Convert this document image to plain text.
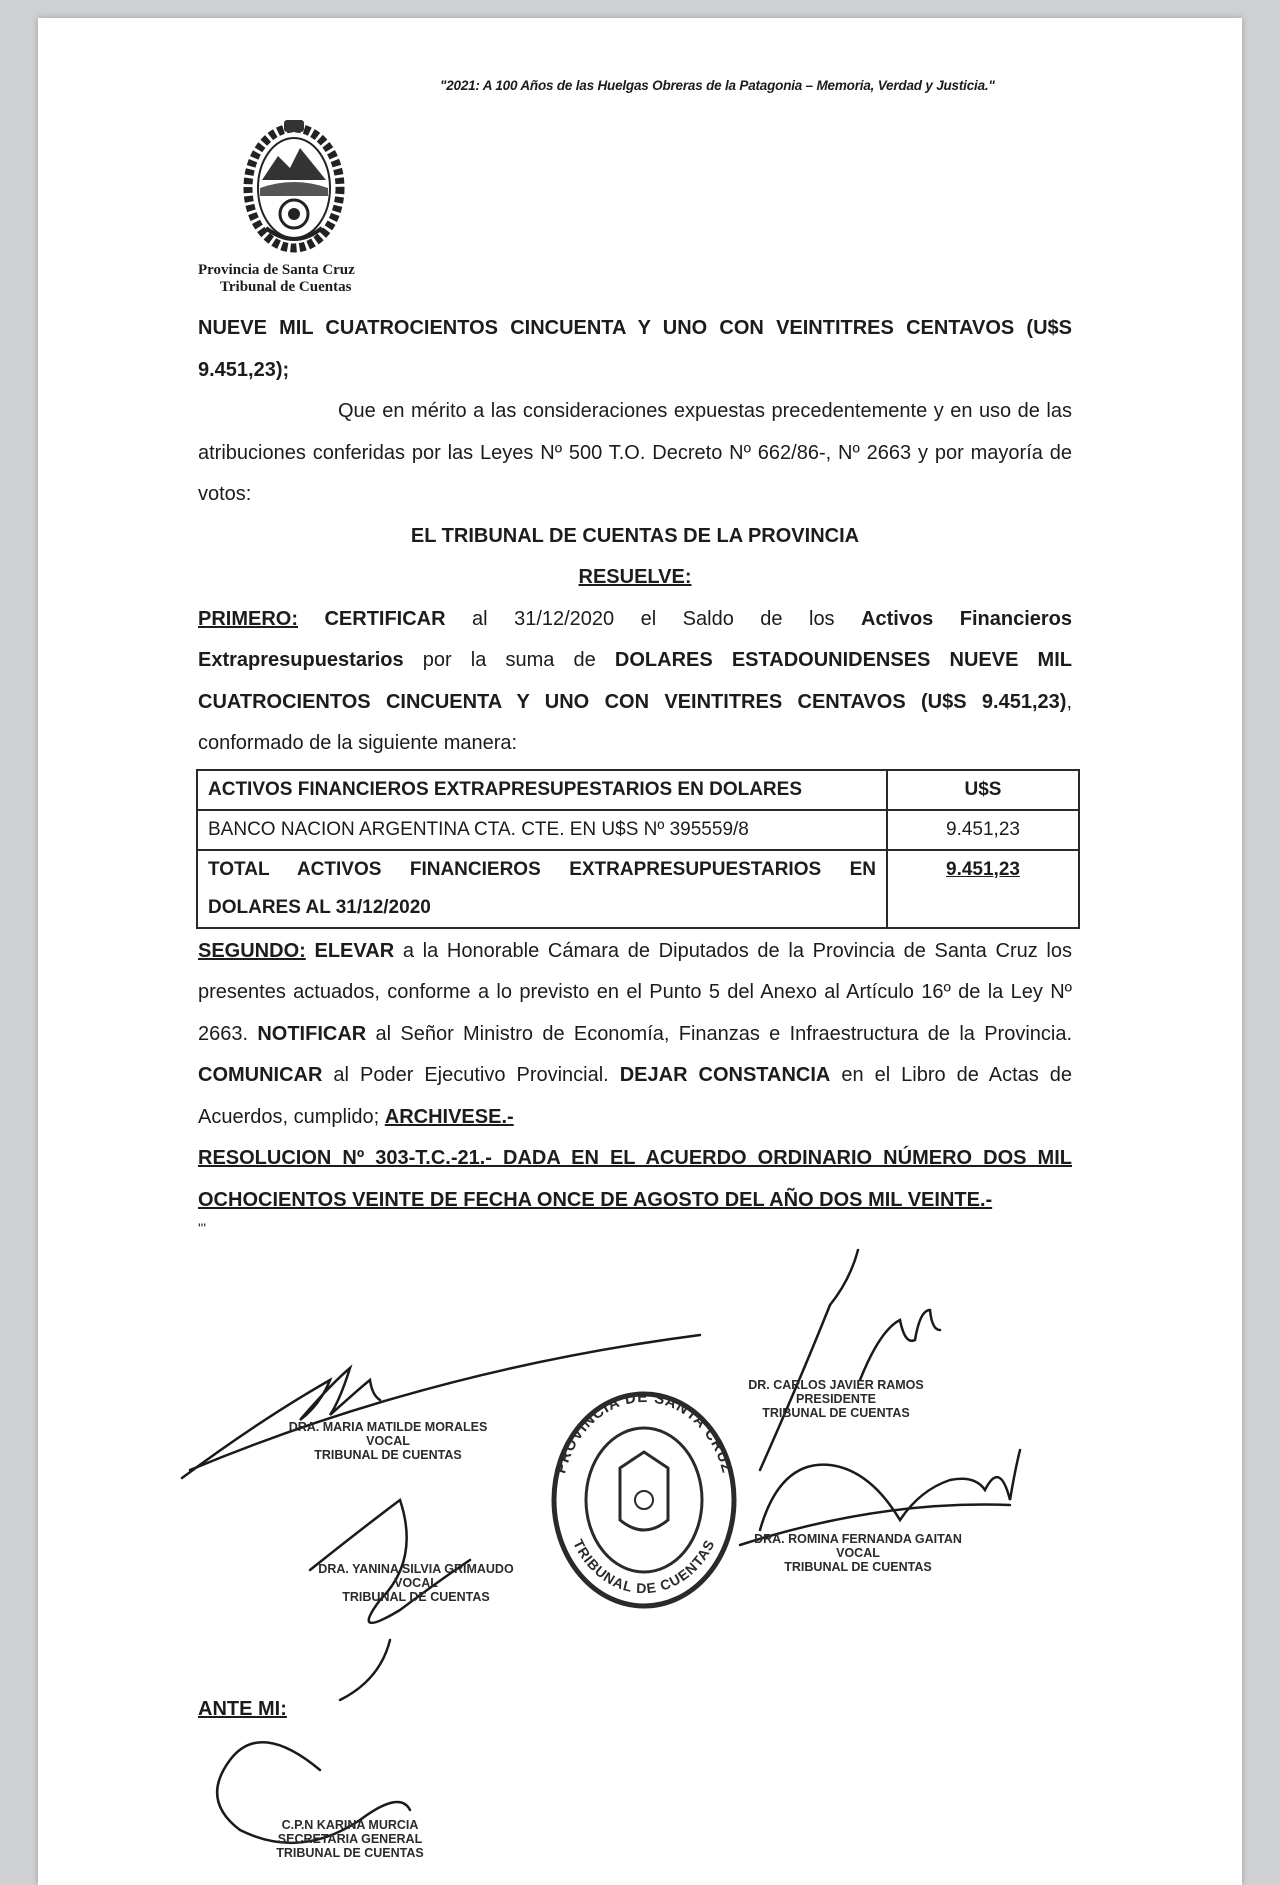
"2021: A 100 Años de las Huelgas Obreras de la Patagonia – Memoria, Verdad y Justicia."
Provincia de Santa Cruz
Tribunal de Cuentas

NUEVE MIL CUATROCIENTOS CINCUENTA Y UNO CON VEINTITRES CENTAVOS (U$S 9.451,23);

Que en mérito a las consideraciones expuestas precedentemente y en uso de las atribuciones conferidas por las Leyes Nº 500 T.O. Decreto Nº 662/86-, Nº 2663 y por mayoría de votos:

EL TRIBUNAL DE CUENTAS DE LA PROVINCIA

RESUELVE:

PRIMERO: CERTIFICAR al 31/12/2020 el Saldo de los Activos Financieros Extrapresupuestarios por la suma de DOLARES ESTADOUNIDENSES NUEVE MIL CUATROCIENTOS CINCUENTA Y UNO CON VEINTITRES CENTAVOS (U$S 9.451,23), conformado de la siguiente manera:

ACTIVOS FINANCIEROS EXTRAPRESUPESTARIOS EN DOLARES	U$S
BANCO NACION ARGENTINA CTA. CTE. EN U$S Nº 395559/8	9.451,23
TOTAL ACTIVOS FINANCIEROS EXTRAPRESUPUESTARIOS EN DOLARES AL 31/12/2020	9.451,23

SEGUNDO: ELEVAR a la Honorable Cámara de Diputados de la Provincia de Santa Cruz los presentes actuados, conforme a lo previsto en el Punto 5 del Anexo al Artículo 16º de la Ley Nº 2663. NOTIFICAR al Señor Ministro de Economía, Finanzas e Infraestructura de la Provincia. COMUNICAR al Poder Ejecutivo Provincial. DEJAR CONSTANCIA en el Libro de Actas de Acuerdos, cumplido; ARCHIVESE.-

RESOLUCION Nº 303-T.C.-21.- DADA EN EL ACUERDO ORDINARIO NÚMERO DOS MIL OCHOCIENTOS VEINTE DE FECHA ONCE DE AGOSTO DEL AÑO DOS MIL VEINTE.-

'''

PROVINCIA DE SANTA CRUZ
TRIBUNAL DE CUENTAS
DRA. MARIA MATILDE MORALES
VOCAL
TRIBUNAL DE CUENTAS
DR. CARLOS JAVIER RAMOS
PRESIDENTE
TRIBUNAL DE CUENTAS
DRA. ROMINA FERNANDA GAITAN
VOCAL
TRIBUNAL DE CUENTAS
DRA. YANINA SILVIA GRIMAUDO
VOCAL
TRIBUNAL DE CUENTAS
ANTE MI:
C.P.N KARINA MURCIA
SECRETARIA GENERAL
TRIBUNAL DE CUENTAS
